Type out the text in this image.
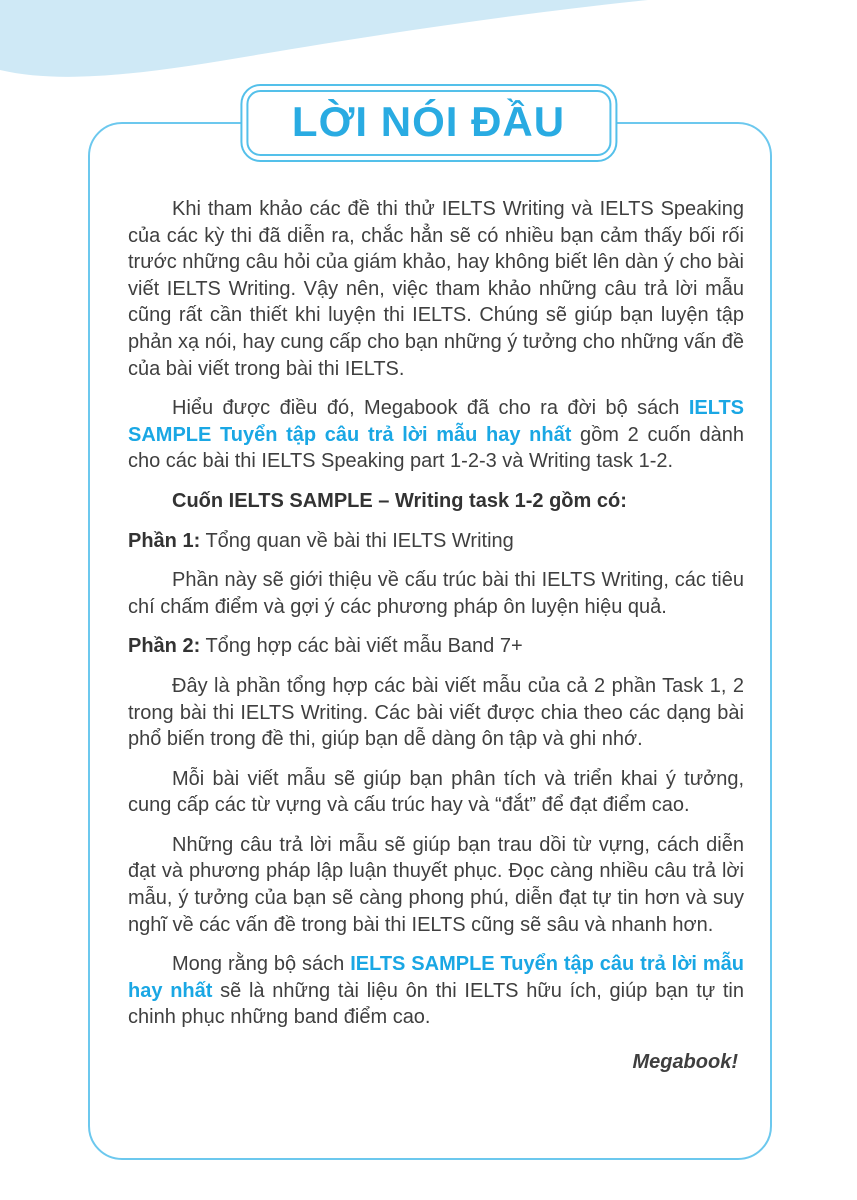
LỜI NÓI ĐẦU

Khi tham khảo các đề thi thử IELTS Writing và IELTS Speaking của các kỳ thi đã diễn ra, chắc hẳn sẽ có nhiều bạn cảm thấy bối rối trước những câu hỏi của giám khảo, hay không biết lên dàn ý cho bài viết IELTS Writing. Vậy nên, việc tham khảo những câu trả lời mẫu cũng rất cần thiết khi luyện thi IELTS. Chúng sẽ giúp bạn luyện tập phản xạ nói, hay cung cấp cho bạn những ý tưởng cho những vấn đề của bài viết trong bài thi IELTS.

Hiểu được điều đó, Megabook đã cho ra đời bộ sách IELTS SAMPLE Tuyển tập câu trả lời mẫu hay nhất gồm 2 cuốn dành cho các bài thi IELTS Speaking part 1-2-3 và Writing task 1-2.

Cuốn IELTS SAMPLE – Writing task 1-2 gồm có:

Phần 1: Tổng quan về bài thi IELTS Writing

Phần này sẽ giới thiệu về cấu trúc bài thi IELTS Writing, các tiêu chí chấm điểm và gợi ý các phương pháp ôn luyện hiệu quả.

Phần 2: Tổng hợp các bài viết mẫu Band 7+

Đây là phần tổng hợp các bài viết mẫu của cả 2 phần Task 1, 2 trong bài thi IELTS Writing. Các bài viết được chia theo các dạng bài phổ biến trong đề thi, giúp bạn dễ dàng ôn tập và ghi nhớ.

Mỗi bài viết mẫu sẽ giúp bạn phân tích và triển khai ý tưởng, cung cấp các từ vựng và cấu trúc hay và “đắt” để đạt điểm cao.

Những câu trả lời mẫu sẽ giúp bạn trau dồi từ vựng, cách diễn đạt và phương pháp lập luận thuyết phục. Đọc càng nhiều câu trả lời mẫu, ý tưởng của bạn sẽ càng phong phú, diễn đạt tự tin hơn và suy nghĩ về các vấn đề trong bài thi IELTS cũng sẽ sâu và nhanh hơn.

Mong rằng bộ sách IELTS SAMPLE Tuyển tập câu trả lời mẫu hay nhất sẽ là những tài liệu ôn thi IELTS hữu ích, giúp bạn tự tin chinh phục những band điểm cao.

Megabook!
